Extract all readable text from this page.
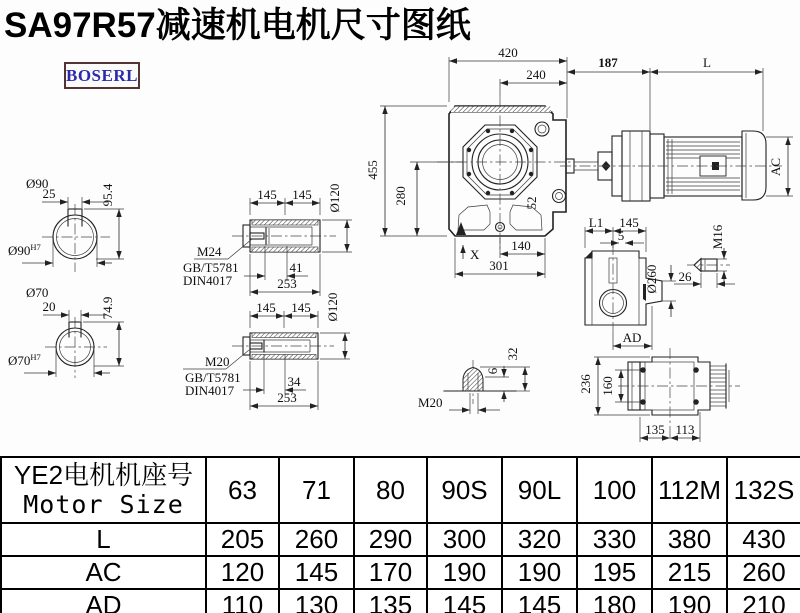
SA97R57减速机电机尺寸图纸
BOSERL
Ø90
25	95.4
$Ø90^{H7}$
Ø70
20	74.9
$Ø70^{H7}$
145 145 Ø120
M24
GB/T5781
DIN4017
41
253
145 145 Ø120
M20
GB/T5781
DIN4017
34
253
52
420
240
455
280
140
301
X
187	L
AC
L1 145
5
Ø260
AD
M16
26
M20
6
32
236 160
135 113
YE2电机机座号
Motor Size	63	71	80	90S	90L	100	112M	132S
L	205	260	290	300	320	330	380	430
AC	120	145	170	190	190	195	215	260
AD	110	130	135	145	145	180	190	210
